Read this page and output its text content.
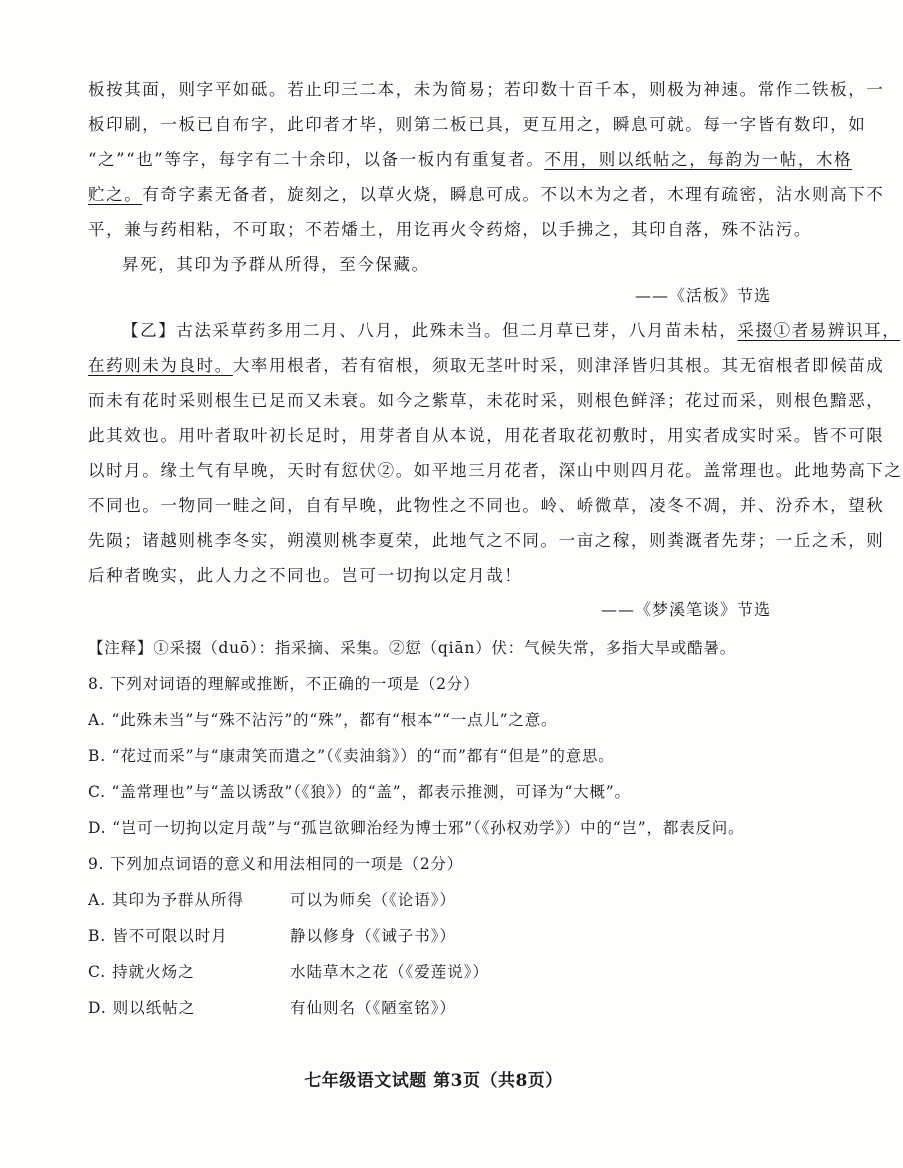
板按其面，则字平如砥。若止印三二本，未为简易；若印数十百千本，则极为神速。常作二铁板，一
板印刷，一板已自布字，此印者才毕，则第二板已具，更互用之，瞬息可就。每一字皆有数印，如
“之”“也”等字，每字有二十余印，以备一板内有重复者。不用，则以纸帖之，每韵为一帖，木格
贮之。有奇字素无备者，旋刻之，以草火烧，瞬息可成。不以木为之者，木理有疏密，沾水则高下不
平，兼与药相粘，不可取；不若燔土，用讫再火令药熔，以手拂之，其印自落，殊不沾污。
昇死，其印为予群从所得，至今保藏。
——《活板》节选
【乙】古法采草药多用二月、八月，此殊未当。但二月草已芽，八月苗未枯，采掇①者易辨识耳，
在药则未为良时。大率用根者，若有宿根，须取无茎叶时采，则津泽皆归其根。其无宿根者即候苗成
而未有花时采则根生已足而又未衰。如今之紫草，未花时采，则根色鲜泽；花过而采，则根色黯恶，
此其效也。用叶者取叶初长足时，用芽者自从本说，用花者取花初敷时，用实者成实时采。皆不可限
以时月。缘土气有早晚，天时有愆伏②。如平地三月花者，深山中则四月花。盖常理也。此地势高下之
不同也。一物同一畦之间，自有早晚，此物性之不同也。岭、峤微草，凌冬不凋，并、汾乔木，望秋
先陨；诸越则桃李冬实，朔漠则桃李夏荣，此地气之不同。一亩之稼，则粪溉者先芽；一丘之禾，则
后种者晚实，此人力之不同也。岂可一切拘以定月哉！
——《梦溪笔谈》节选
【注释】①采掇（duō）：指采摘、采集。②愆（qiān）伏：气候失常，多指大旱或酷暑。
8. 下列对词语的理解或推断，不正确的一项是（2分）
A. “此殊未当”与“殊不沾污”的“殊”，都有“根本”“一点儿”之意。
B. “花过而采”与“康肃笑而遣之”（《卖油翁》）的“而”都有“但是”的意思。
C. “盖常理也”与“盖以诱敌”（《狼》）的“盖”，都表示推测，可译为“大概”。
D. “岂可一切拘以定月哉”与“孤岂欲卿治经为博士邪”（《孙权劝学》）中的“岂”，都表反问。
9. 下列加点词语的意义和用法相同的一项是（2分）
A. 其印为予群从所得	可以为师矣（《论语》）
B. 皆不可限以时月	静以修身（《诫子书》）
C. 持就火炀之	水陆草木之花（《爱莲说》）
D. 则以纸帖之	有仙则名（《陋室铭》）
七年级语文试题 第3页（共8页）
